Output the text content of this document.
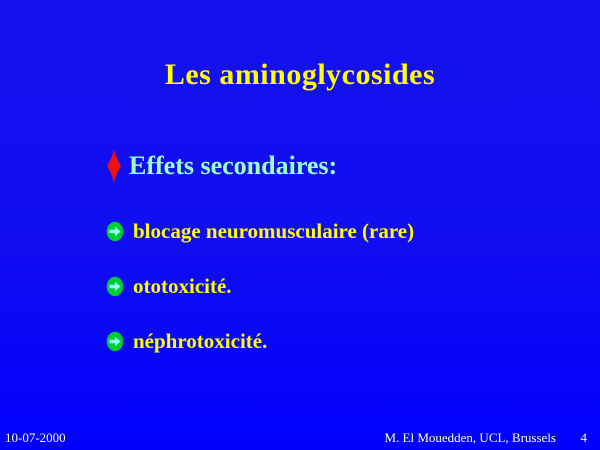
Les aminoglycosides
Effets secondaires:
blocage neuromusculaire (rare)
ototoxicité.
néphrotoxicité.
10-07-2000	M. El Mouedden, UCL, Brussels 4
